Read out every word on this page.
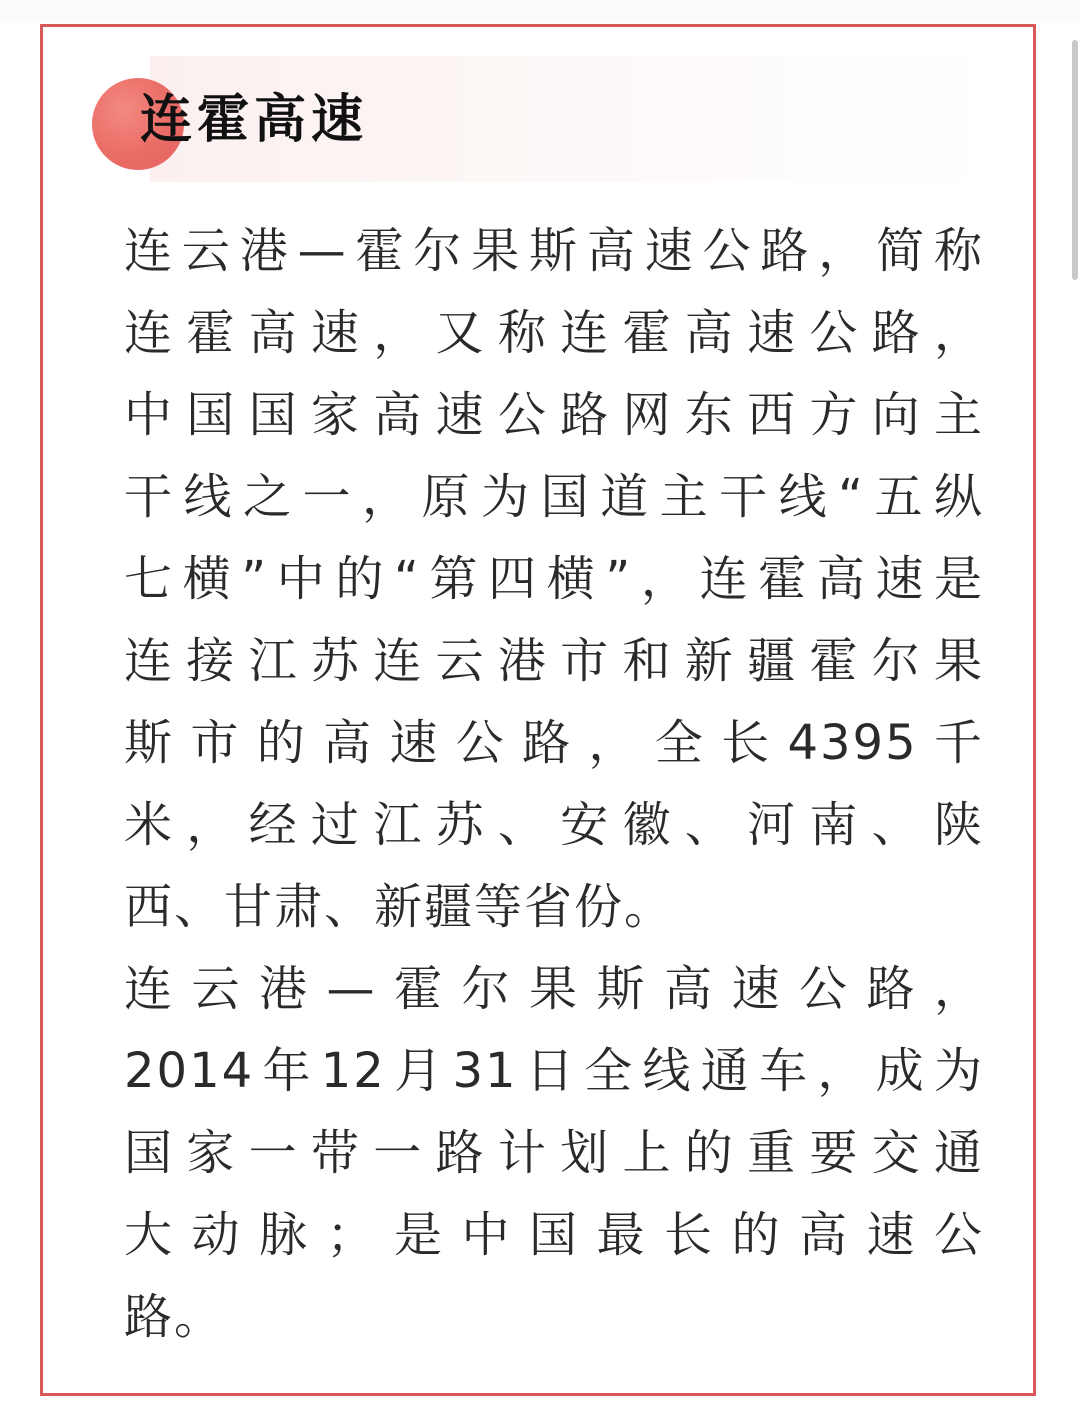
连霍高速
连云港—霍尔果斯高速公路，简称
连霍高速，又称连霍高速公路，
中国国家高速公路网东西方向主
干线之一，原为国道主干线“五纵
七横”中的“第四横”，连霍高速是
连接江苏连云港市和新疆霍尔果
斯市的高速公路，全长4395千
米，经过江苏、安徽、河南、陕
西、甘肃、新疆等省份。
连云港—霍尔果斯高速公路，
2014年12月31日全线通车，成为
国家一带一路计划上的重要交通
大动脉；是中国最长的高速公
路。
